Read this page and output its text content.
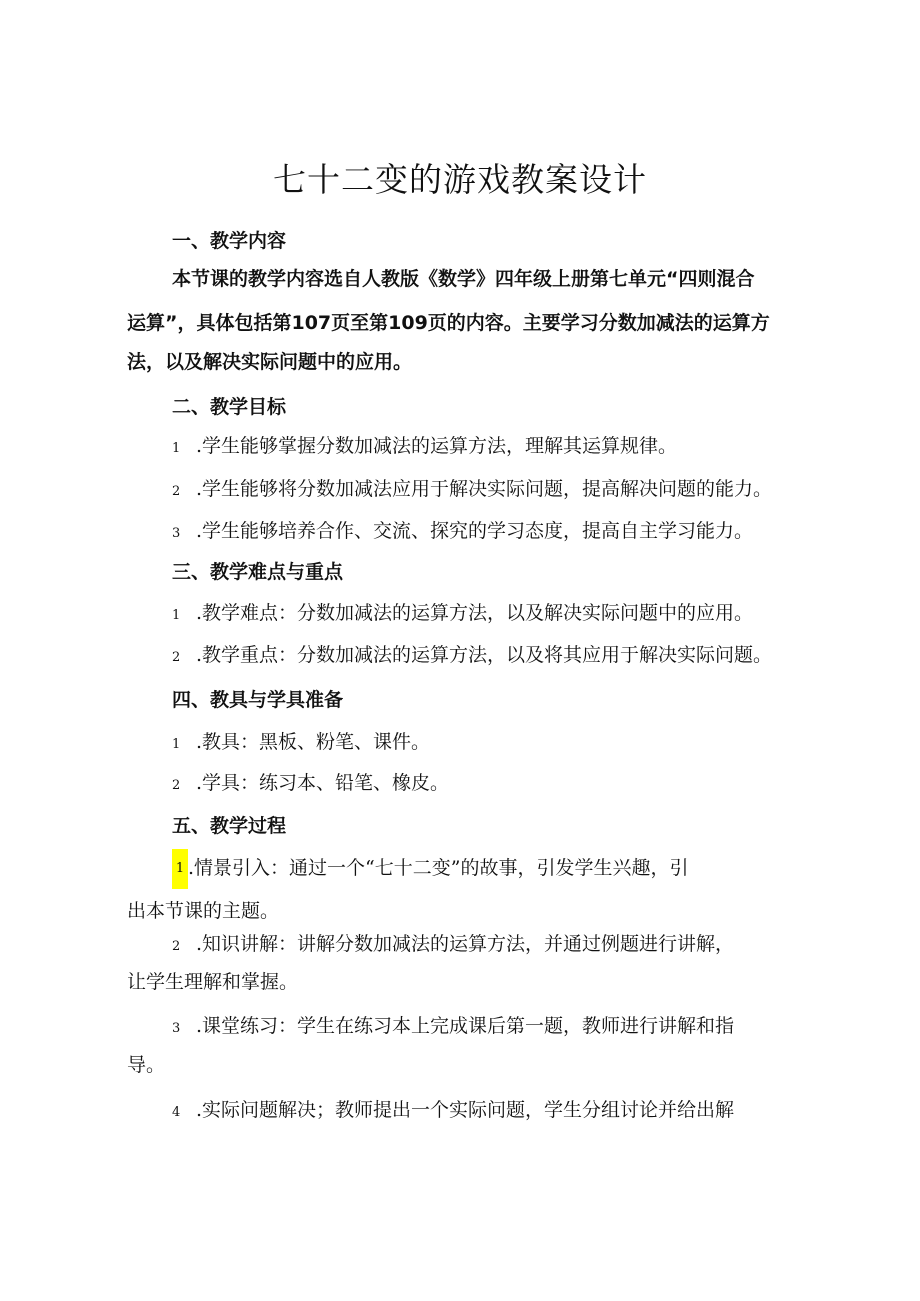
七十二变的游戏教案设计
一、教学内容
本节课的教学内容选自人教版《数学》四年级上册第七单元“四则混合
运算”，具体包括第107页至第109页的内容。主要学习分数加减法的运算方
法，以及解决实际问题中的应用。
二、教学目标
1 .学生能够掌握分数加减法的运算方法，理解其运算规律。
2 .学生能够将分数加减法应用于解决实际问题，提高解决问题的能力。
3 .学生能够培养合作、交流、探究的学习态度，提高自主学习能力。
三、教学难点与重点
1 .教学难点：分数加减法的运算方法，以及解决实际问题中的应用。
2 .教学重点：分数加减法的运算方法，以及将其应用于解决实际问题。
四、教具与学具准备
1 .教具：黑板、粉笔、课件。
2 .学具：练习本、铅笔、橡皮。
五、教学过程
1 .情景引入：通过一个“七十二变”的故事，引发学生兴趣，引
出本节课的主题。
2 .知识讲解：讲解分数加减法的运算方法，并通过例题进行讲解，
让学生理解和掌握。
3 .课堂练习：学生在练习本上完成课后第一题，教师进行讲解和指
导。
4 .实际问题解决；教师提出一个实际问题，学生分组讨论并给出解
